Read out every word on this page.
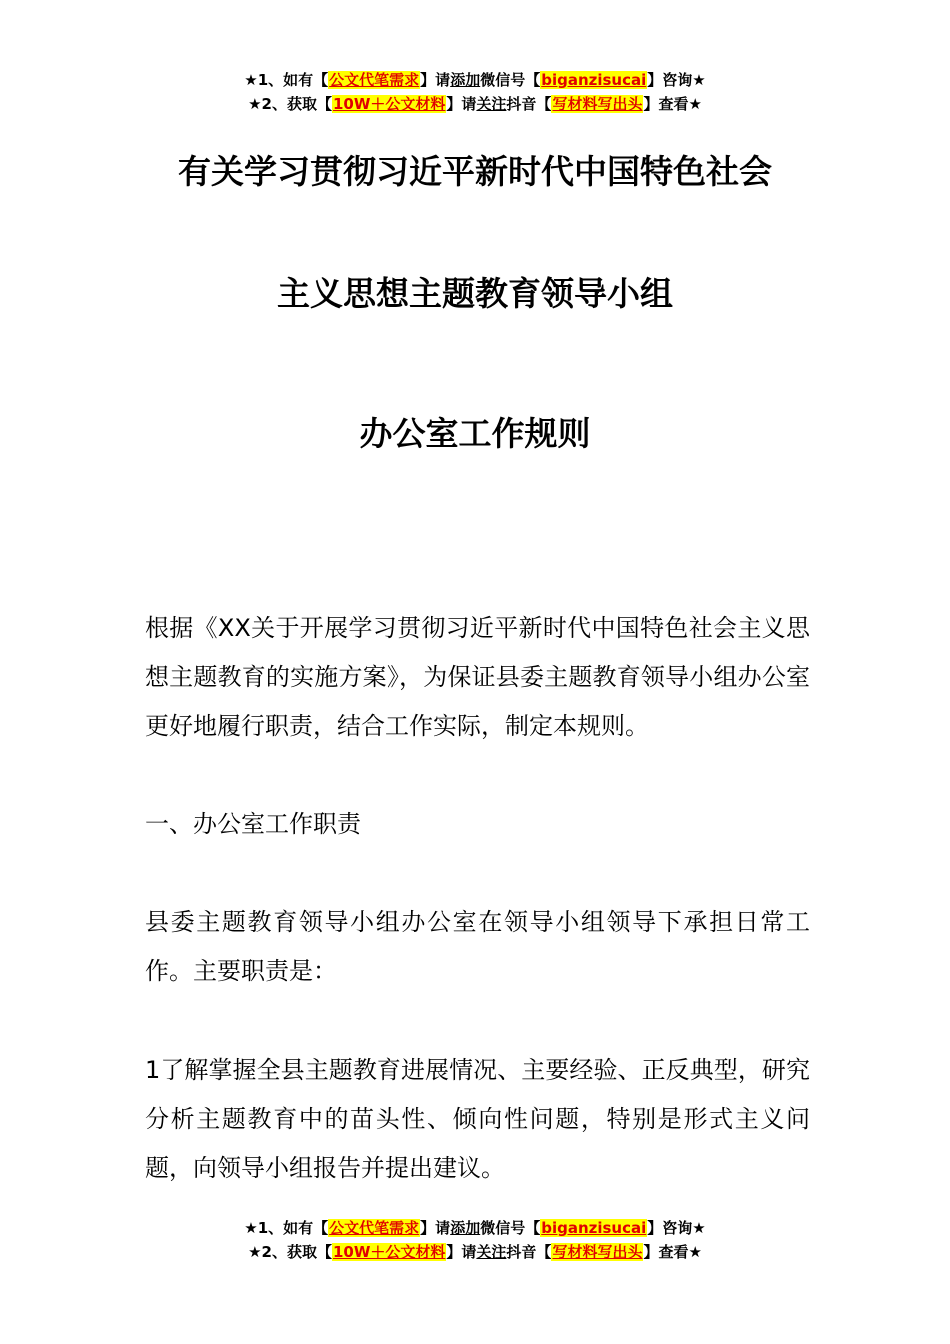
★1、如有【公文代笔需求】请添加微信号【biganzisucai】咨询★
★2、获取【10W＋公文材料】请关注抖音【写材料写出头】查看★
有关学习贯彻习近平新时代中国特色社会
主义思想主题教育领导小组
办公室工作规则

根据《XX关于开展学习贯彻习近平新时代中国特色社会主义思想主题教育的实施方案》，为保证县委主题教育领导小组办公室更好地履行职责，结合工作实际，制定本规则。

一、办公室工作职责

县委主题教育领导小组办公室在领导小组领导下承担日常工作。主要职责是：

1了解掌握全县主题教育进展情况、主要经验、正反典型，研究分析主题教育中的苗头性、倾向性问题，特别是形式主义问题，向领导小组报告并提出建议。

★1、如有【公文代笔需求】请添加微信号【biganzisucai】咨询★
★2、获取【10W＋公文材料】请关注抖音【写材料写出头】查看★
